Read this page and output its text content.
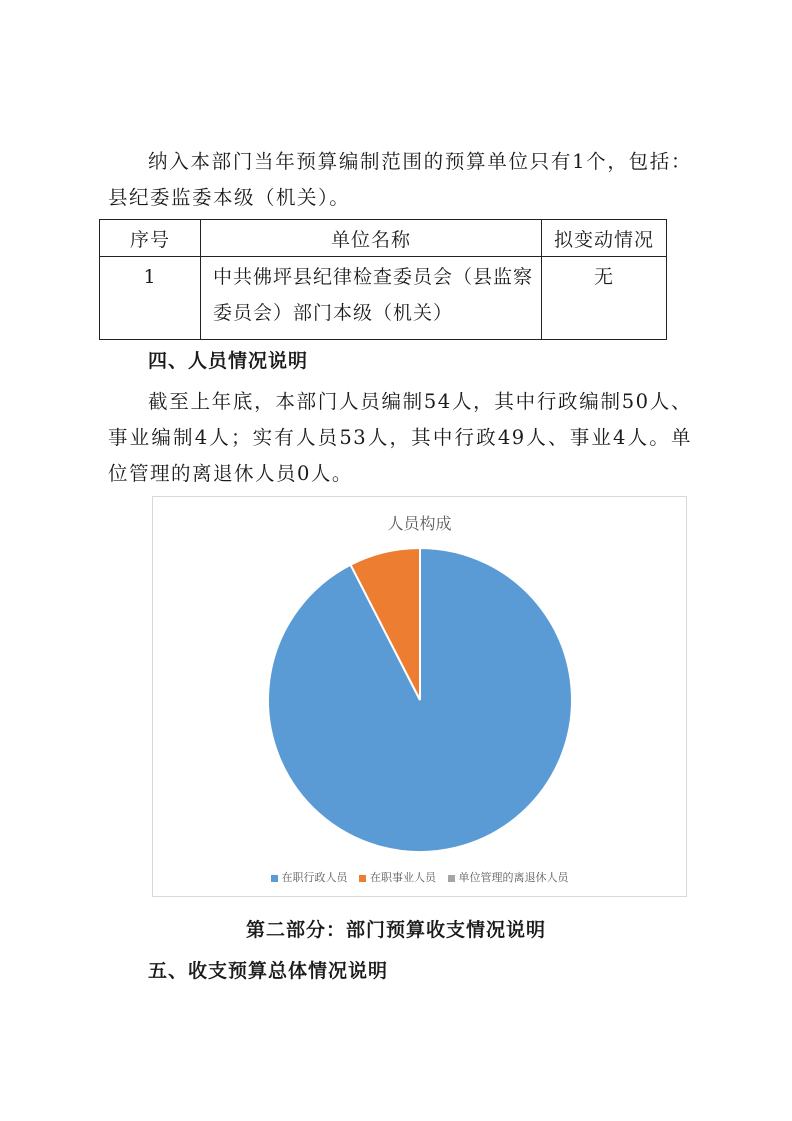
纳入本部门当年预算编制范围的预算单位只有1个，包括：县纪委监委本级（机关）。

序号	单位名称	拟变动情况
1	中共佛坪县纪律检查委员会（县监察委员会）部门本级（机关）	无
四、人员情况说明

截至上年底，本部门人员编制54人，其中行政编制50人、事业编制4人；实有人员53人，其中行政49人、事业4人。单位管理的离退休人员0人。

人员构成
在职行政人员 在职事业人员 单位管理的离退休人员
第二部分：部门预算收支情况说明
五、收支预算总体情况说明
